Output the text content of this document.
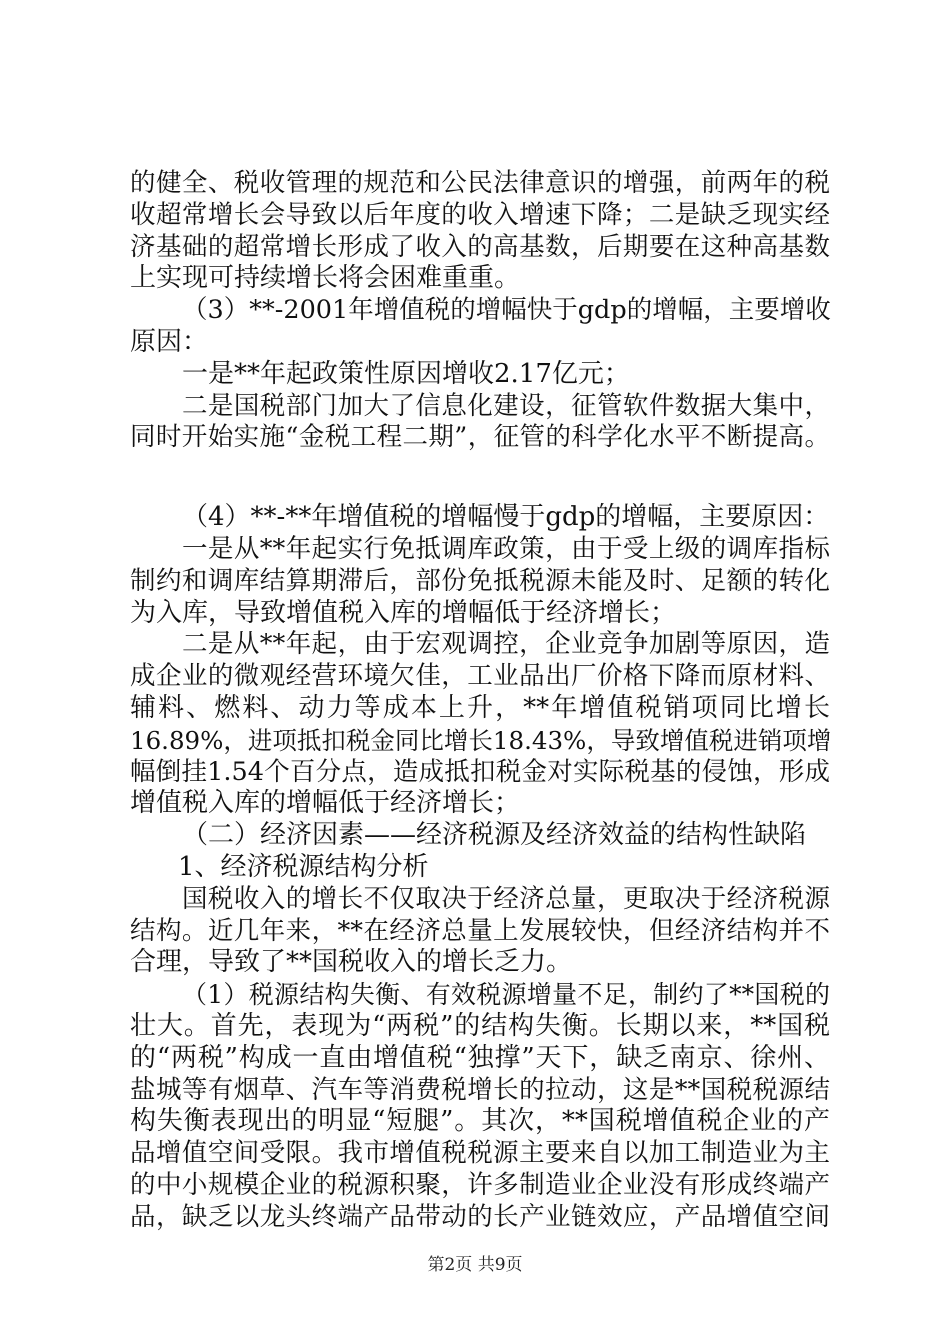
的健全、税收管理的规范和公民法律意识的增强，前两年的税
收超常增长会导致以后年度的收入增速下降；二是缺乏现实经
济基础的超常增长形成了收入的高基数，后期要在这种高基数
上实现可持续增长将会困难重重。
（3）**-2001年增值税的增幅快于gdp的增幅，主要增收
原因：
一是**年起政策性原因增收2.17亿元；
二是国税部门加大了信息化建设，征管软件数据大集中，
同时开始实施“金税工程二期”，征管的科学化水平不断提高。
（4）**-**年增值税的增幅慢于gdp的增幅，主要原因：
一是从**年起实行免抵调库政策，由于受上级的调库指标
制约和调库结算期滞后，部份免抵税源未能及时、足额的转化
为入库，导致增值税入库的增幅低于经济增长；
二是从**年起，由于宏观调控，企业竞争加剧等原因，造
成企业的微观经营环境欠佳，工业品出厂价格下降而原材料、
辅料、燃料、动力等成本上升，**年增值税销项同比增长
16.89%，进项抵扣税金同比增长18.43%，导致增值税进销项增
幅倒挂1.54个百分点，造成抵扣税金对实际税基的侵蚀，形成
增值税入库的增幅低于经济增长；
（二）经济因素——经济税源及经济效益的结构性缺陷
1、经济税源结构分析
国税收入的增长不仅取决于经济总量，更取决于经济税源
结构。近几年来，**在经济总量上发展较快，但经济结构并不
合理，导致了**国税收入的增长乏力。
（1）税源结构失衡、有效税源增量不足，制约了**国税的
壮大。首先，表现为“两税”的结构失衡。长期以来，**国税
的“两税”构成一直由增值税“独撑”天下，缺乏南京、徐州、
盐城等有烟草、汽车等消费税增长的拉动，这是**国税税源结
构失衡表现出的明显“短腿”。其次，**国税增值税企业的产
品增值空间受限。我市增值税税源主要来自以加工制造业为主
的中小规模企业的税源积聚，许多制造业企业没有形成终端产
品，缺乏以龙头终端产品带动的长产业链效应，产品增值空间
第2页 共9页
